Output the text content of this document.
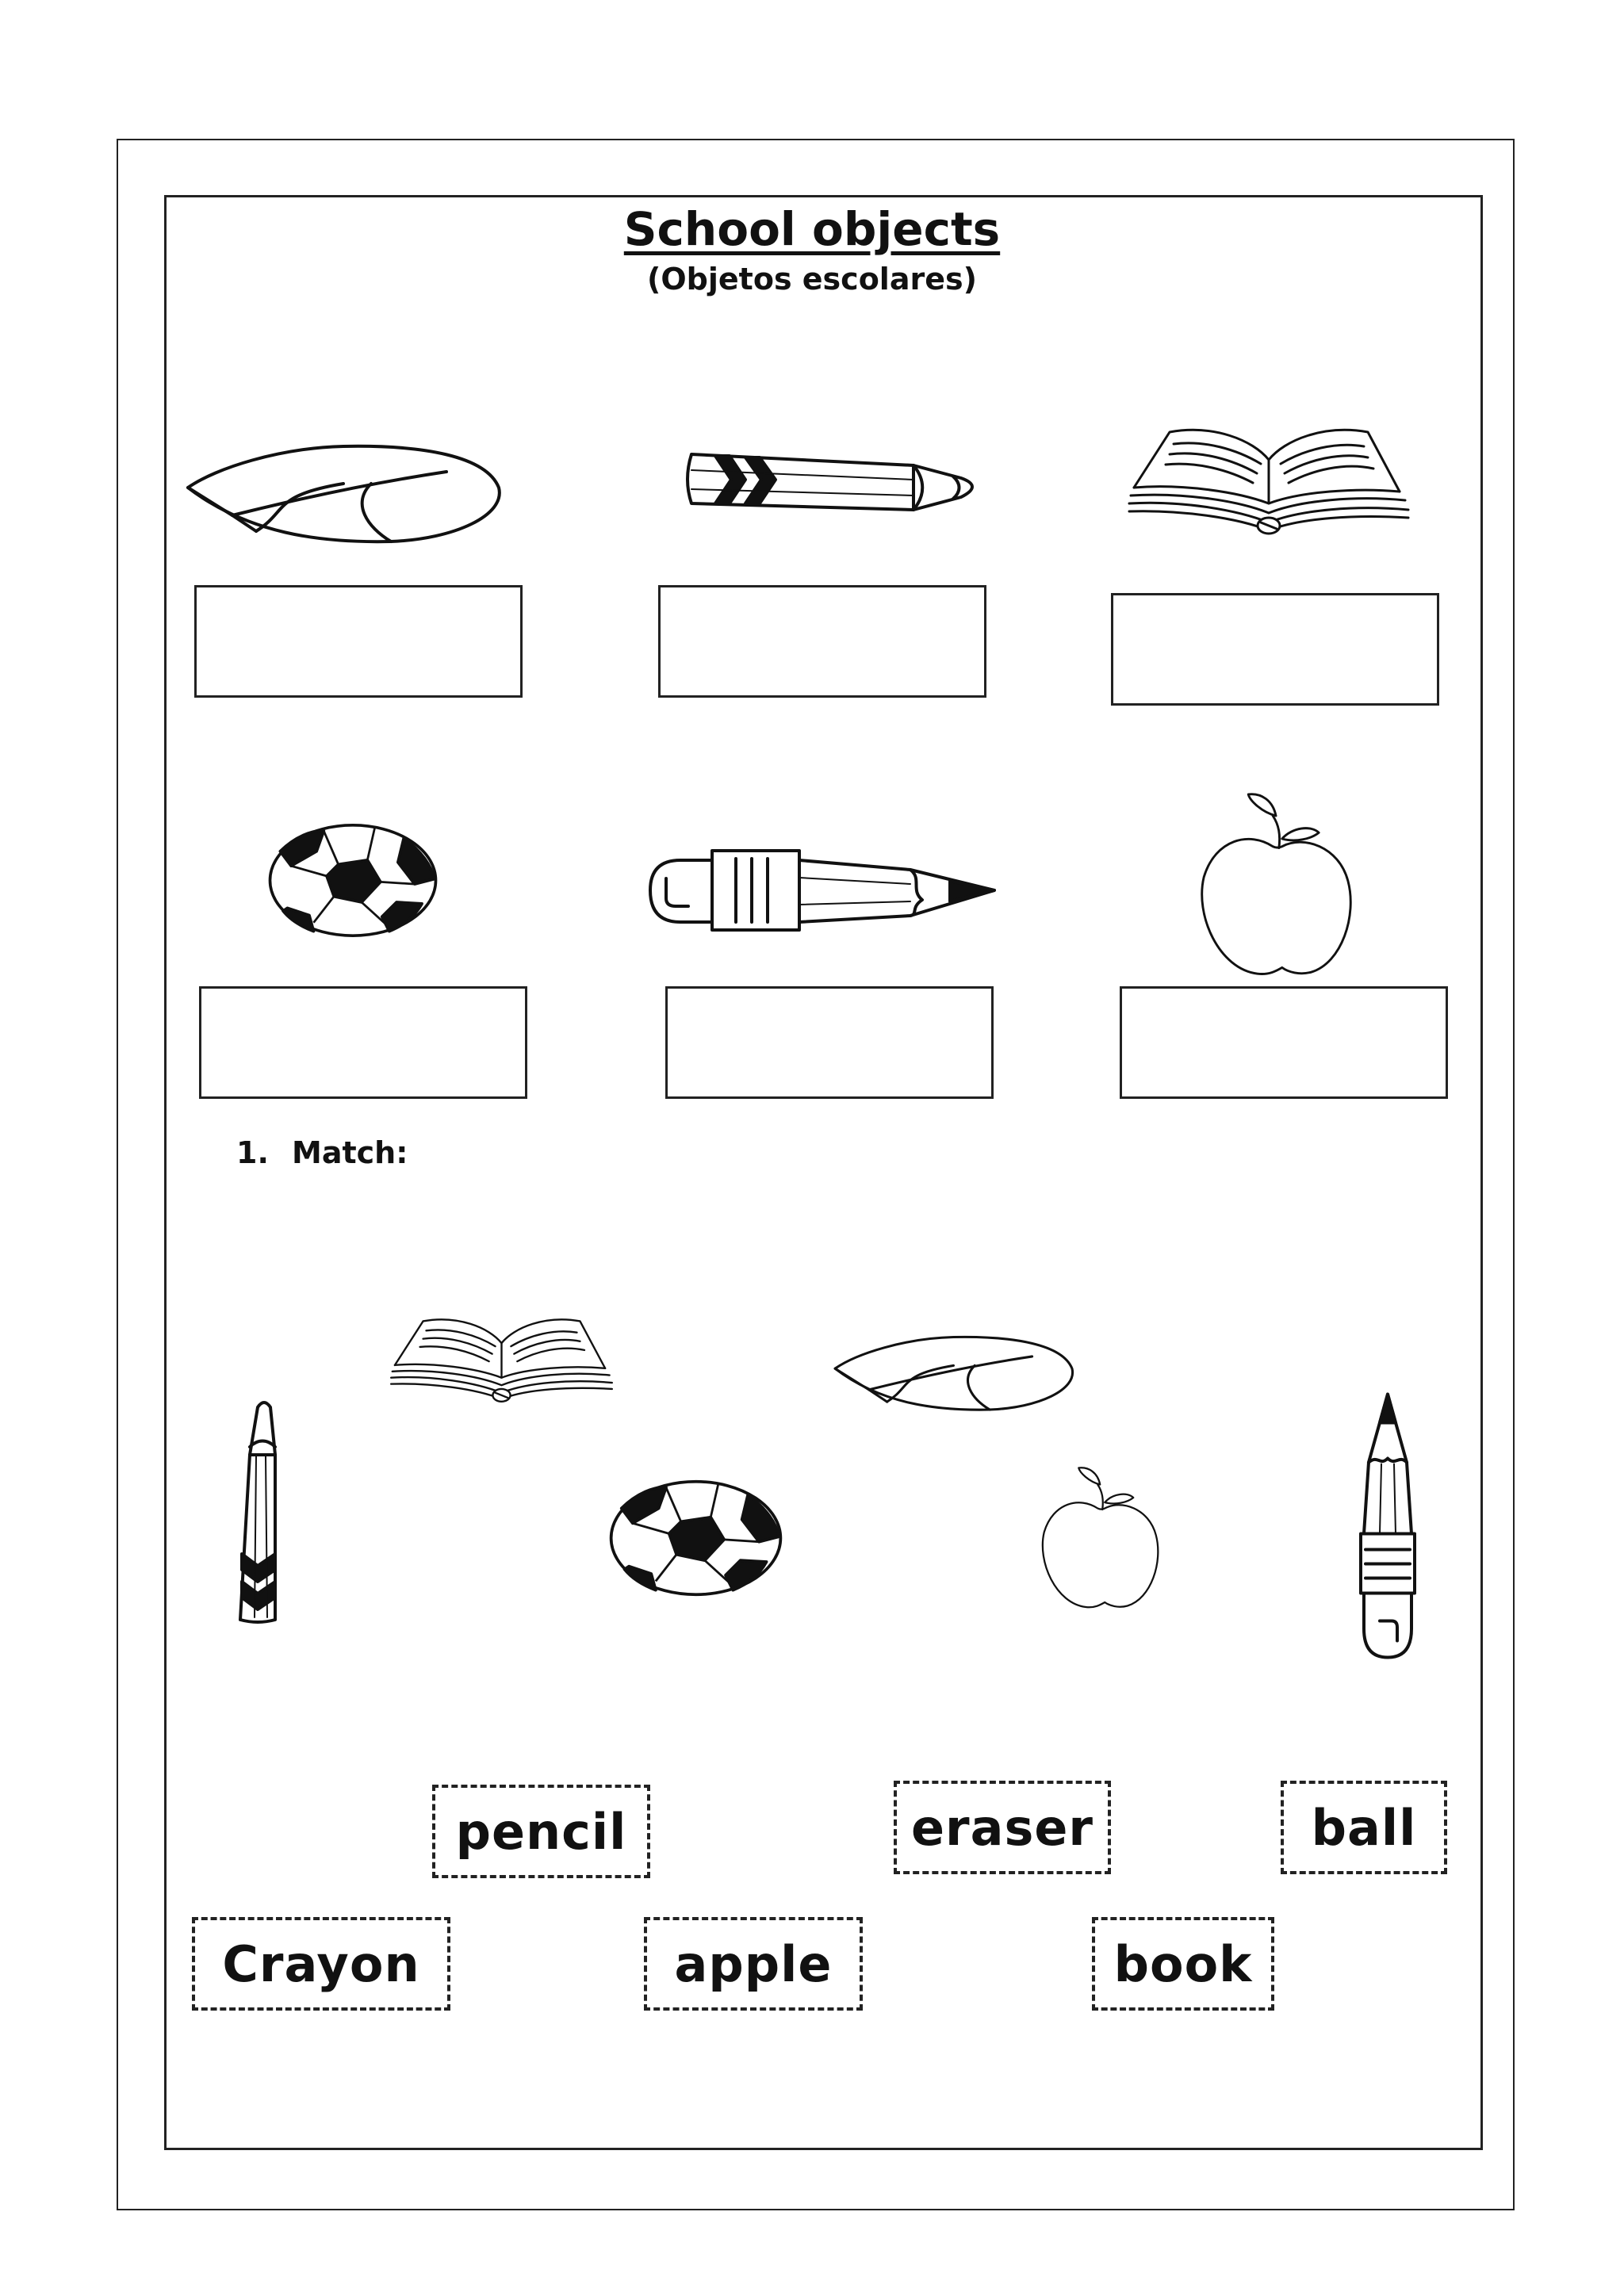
School objects
(Objetos escolares)
1. Match:
pencil	eraser	ball
Crayon	apple	book
